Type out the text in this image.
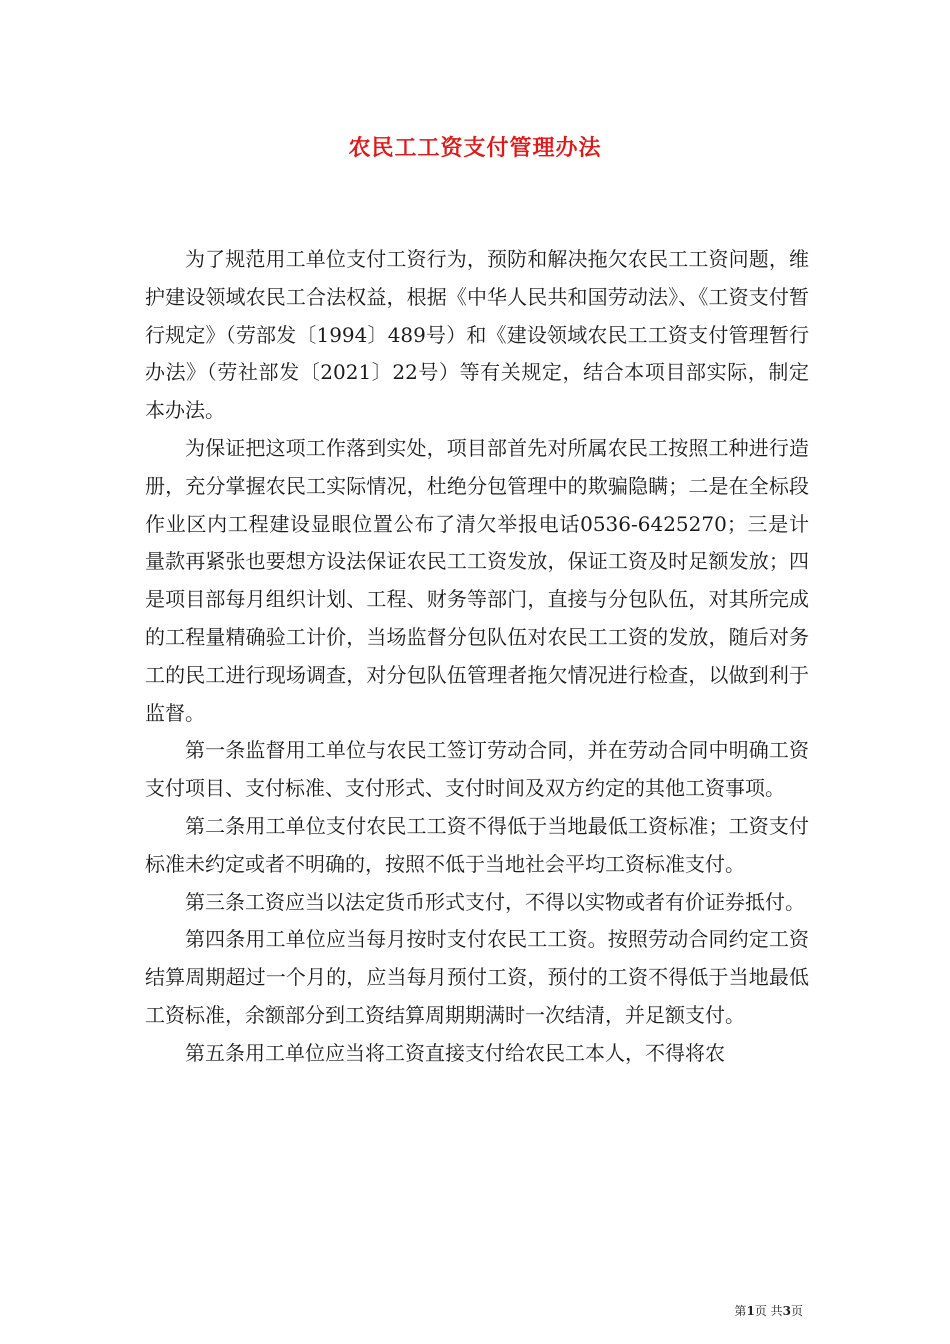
农民工工资支付管理办法

为了规范用工单位支付工资行为，预防和解决拖欠农民工工资问题，维护建设领域农民工合法权益，根据《中华人民共和国劳动法》、《工资支付暂行规定》（劳部发〔1994〕489号）和《建设领域农民工工资支付管理暂行办法》（劳社部发〔2021〕22号）等有关规定，结合本项目部实际，制定本办法。

为保证把这项工作落到实处，项目部首先对所属农民工按照工种进行造册，充分掌握农民工实际情况，杜绝分包管理中的欺骗隐瞒；二是在全标段作业区内工程建设显眼位置公布了清欠举报电话0536-6425270；三是计量款再紧张也要想方设法保证农民工工资发放，保证工资及时足额发放；四是项目部每月组织计划、工程、财务等部门，直接与分包队伍，对其所完成的工程量精确验工计价，当场监督分包队伍对农民工工资的发放，随后对务工的民工进行现场调查，对分包队伍管理者拖欠情况进行检查，以做到利于监督。

第一条监督用工单位与农民工签订劳动合同，并在劳动合同中明确工资支付项目、支付标准、支付形式、支付时间及双方约定的其他工资事项。

第二条用工单位支付农民工工资不得低于当地最低工资标准；工资支付标准未约定或者不明确的，按照不低于当地社会平均工资标准支付。

第三条工资应当以法定货币形式支付，不得以实物或者有价证券抵付。

第四条用工单位应当每月按时支付农民工工资。按照劳动合同约定工资结算周期超过一个月的，应当每月预付工资，预付的工资不得低于当地最低工资标准，余额部分到工资结算周期期满时一次结清，并足额支付。

第五条用工单位应当将工资直接支付给农民工本人，不得将农

第1页 共3页
